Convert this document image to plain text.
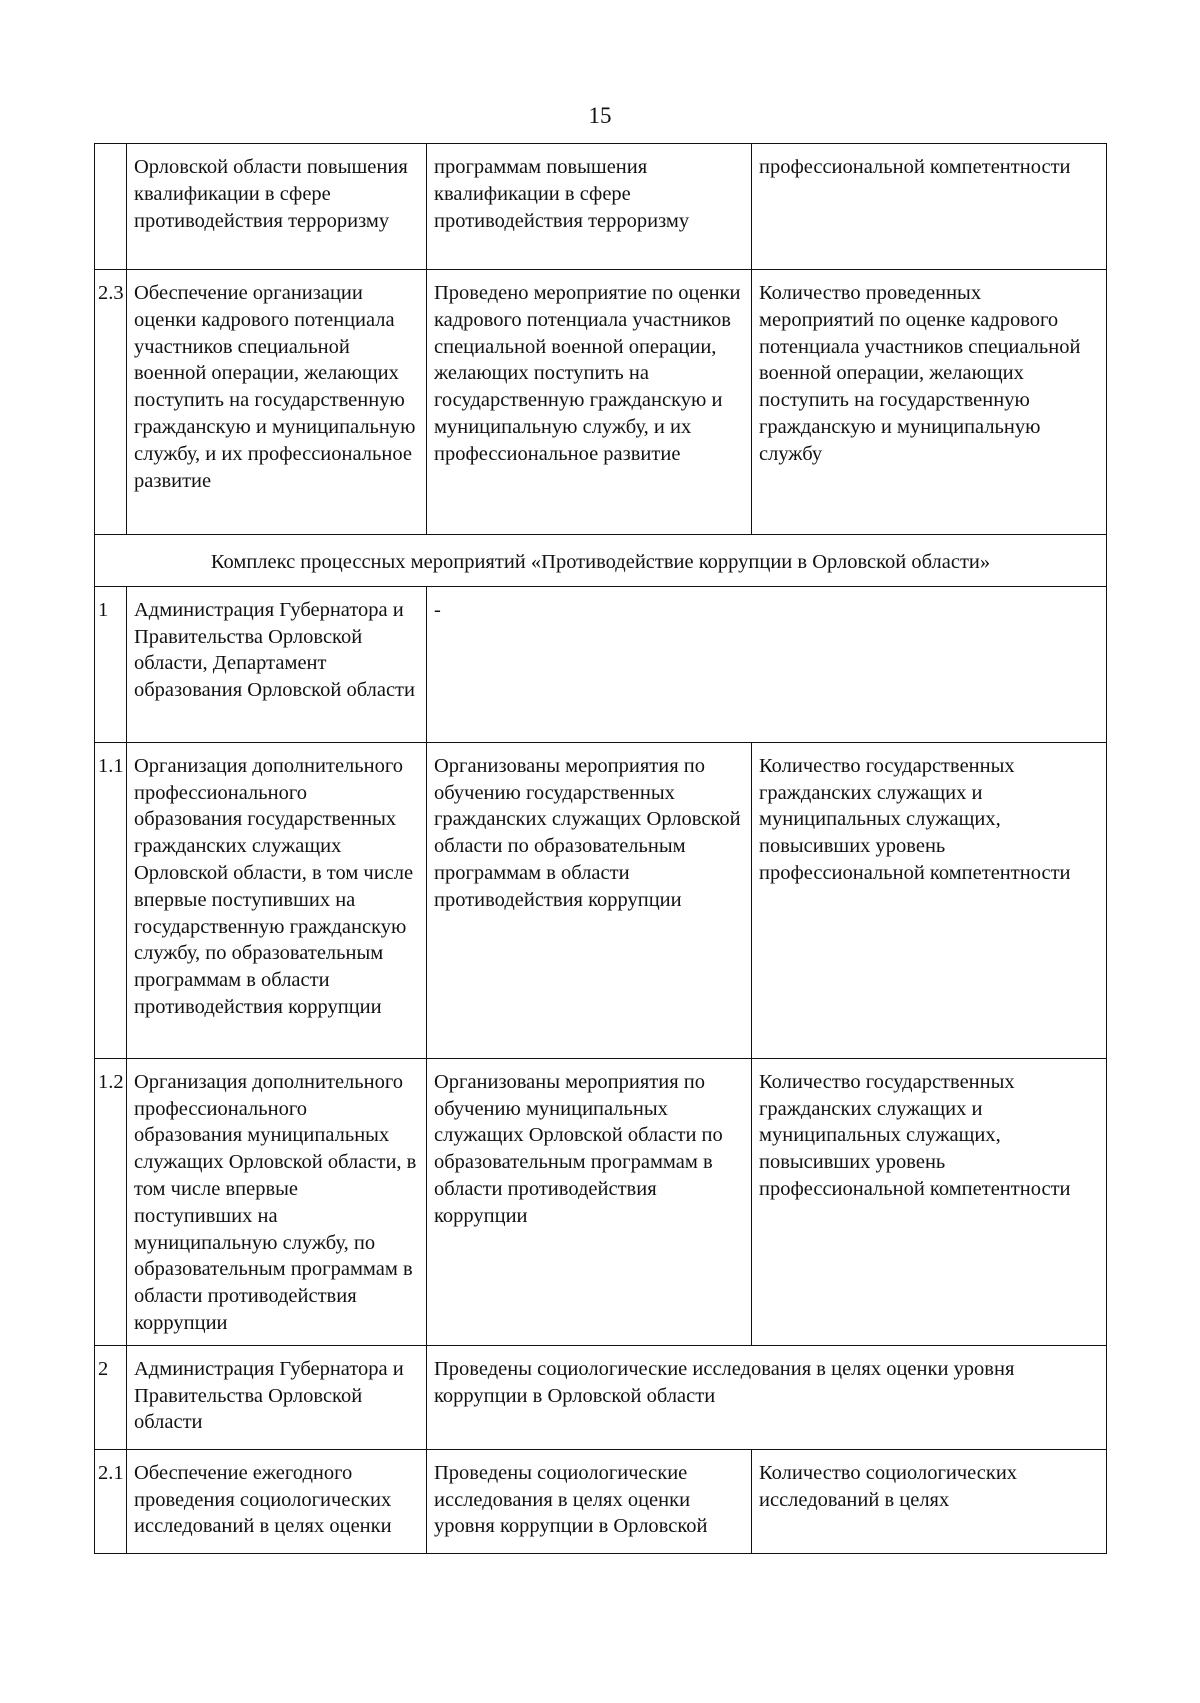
15
	Орловской области повышения квалификации в сфере противодействия терроризму	программам повышения квалификации в сфере противодействия терроризму	профессиональной компетентности
2.3	Обеспечение организации оценки кадрового потенциала участников специальной военной операции, желающих поступить на государственную гражданскую и муниципальную службу, и их профессиональное развитие	Проведено мероприятие по оценки кадрового потенциала участников специальной военной операции, желающих поступить на государственную гражданскую и муниципальную службу, и их профессиональное развитие	Количество проведенных мероприятий по оценке кадрового потенциала участников специальной военной операции, желающих поступить на государственную гражданскую и муниципальную службу
Комплекс процессных мероприятий «Противодействие коррупции в Орловской области»			
1	Администрация Губернатора и Правительства Орловской области, Департамент образования Орловской области	-	
1.1	Организация дополнительного профессионального образования государственных гражданских служащих Орловской области, в том числе впервые поступивших на государственную гражданскую службу, по образовательным программам в области противодействия коррупции	Организованы мероприятия по обучению государственных гражданских служащих Орловской области по образовательным программам в области противодействия коррупции	Количество государственных гражданских служащих и муниципальных служащих, повысивших уровень профессиональной компетентности
1.2	Организация дополнительного профессионального образования муниципальных служащих Орловской области, в том числе впервые поступивших на муниципальную службу, по образовательным программам в области противодействия коррупции	Организованы мероприятия по обучению муниципальных служащих Орловской области по образовательным программам в области противодействия коррупции	Количество государственных гражданских служащих и муниципальных служащих, повысивших уровень профессиональной компетентности
2	Администрация Губернатора и Правительства Орловской области	Проведены социологические исследования в целях оценки уровня коррупции в Орловской области	
2.1	Обеспечение ежегодного проведения социологических исследований в целях оценки	Проведены социологические исследования в целях оценки уровня коррупции в Орловской	Количество социологических исследований в целях
